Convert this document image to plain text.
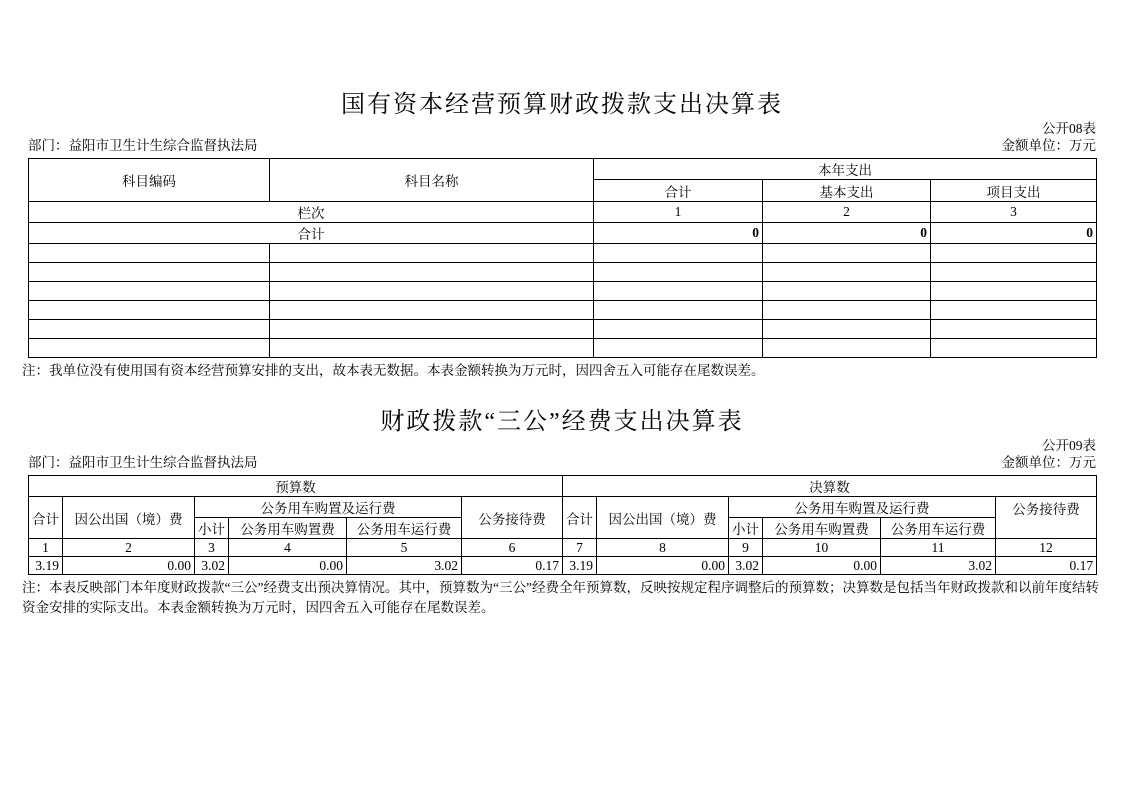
国有资本经营预算财政拨款支出决算表
公开08表
部门：益阳市卫生计生综合监督执法局	金额单位：万元
科目编码	科目名称	本年支出		
		合计	基本支出	项目支出
栏次		1	2	3
合计		0	0	0

注：我单位没有使用国有资本经营预算安排的支出，故本表无数据。本表金额转换为万元时，因四舍五入可能存在尾数误差。
财政拨款“三公”经费支出决算表
公开09表
部门：益阳市卫生计生综合监督执法局	金额单位：万元
预算数						决算数					
合计	因公出国（境）费	公务用车购置及运行费			公务接待费	合计	因公出国（境）费	公务用车购置及运行费			公务接待费
		小计	公务用车购置费	公务用车运行费				小计	公务用车购置费	公务用车运行费	
1	2	3	4	5	6	7	8	9	10	11	12
3.19	0.00	3.02	0.00	3.02	0.17	3.19	0.00	3.02	0.00	3.02	0.17
注：本表反映部门本年度财政拨款“三公”经费支出预决算情况。其中，预算数为“三公”经费全年预算数，反映按规定程序调整后的预算数；决算数是包括当年财政拨款和以前年度结转资金安排的实际支出。本表金额转换为万元时，因四舍五入可能存在尾数误差。
